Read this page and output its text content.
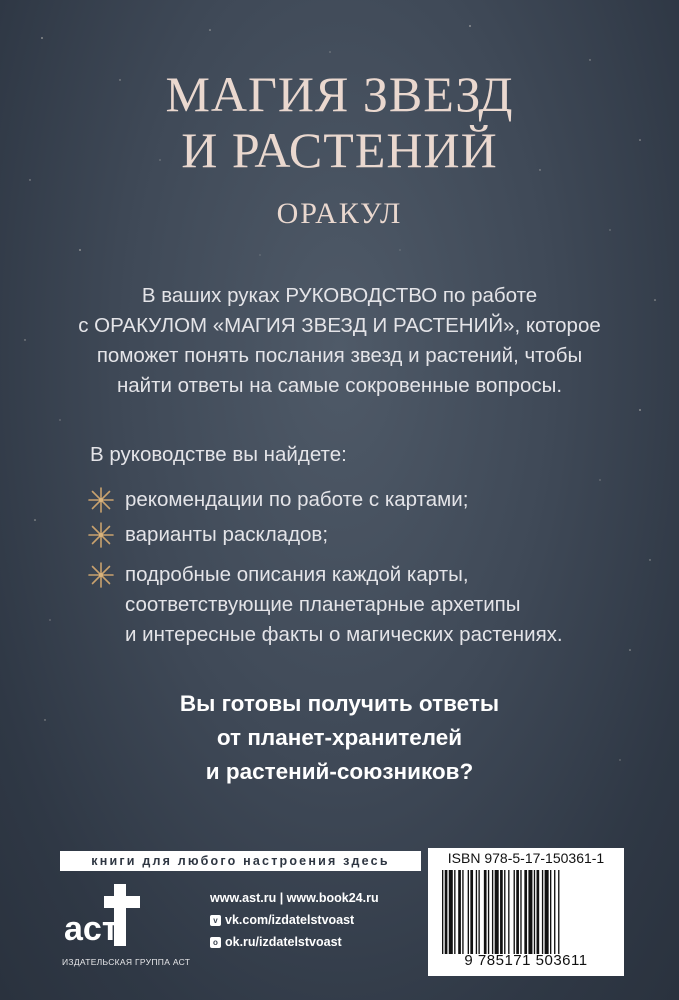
МАГИЯ ЗВЕЗД
И РАСТЕНИЙ
ОРАКУЛ
В ваших руках РУКОВОДСТВО по работе
с ОРАКУЛОМ «МАГИЯ ЗВЕЗД И РАСТЕНИЙ», которое
поможет понять послания звезд и растений, чтобы
найти ответы на самые сокровенные вопросы.
В руководстве вы найдете:
рекомендации по работе с картами;
варианты раскладов;
подробные описания каждой карты,
соответствующие планетарные архетипы
и интересные факты о магических растениях.
Вы готовы получить ответы
от планет-хранителей
и растений-союзников?
книги для любого настроения здесь
аст
ИЗДАТЕЛЬСКАЯ ГРУППА АСТ
www.ast.ru | www.book24.ru
v vk.com/izdatelstvoast
o ok.ru/izdatelstvoast
ISBN 978-5-17-150361-1
9 785171 503611
